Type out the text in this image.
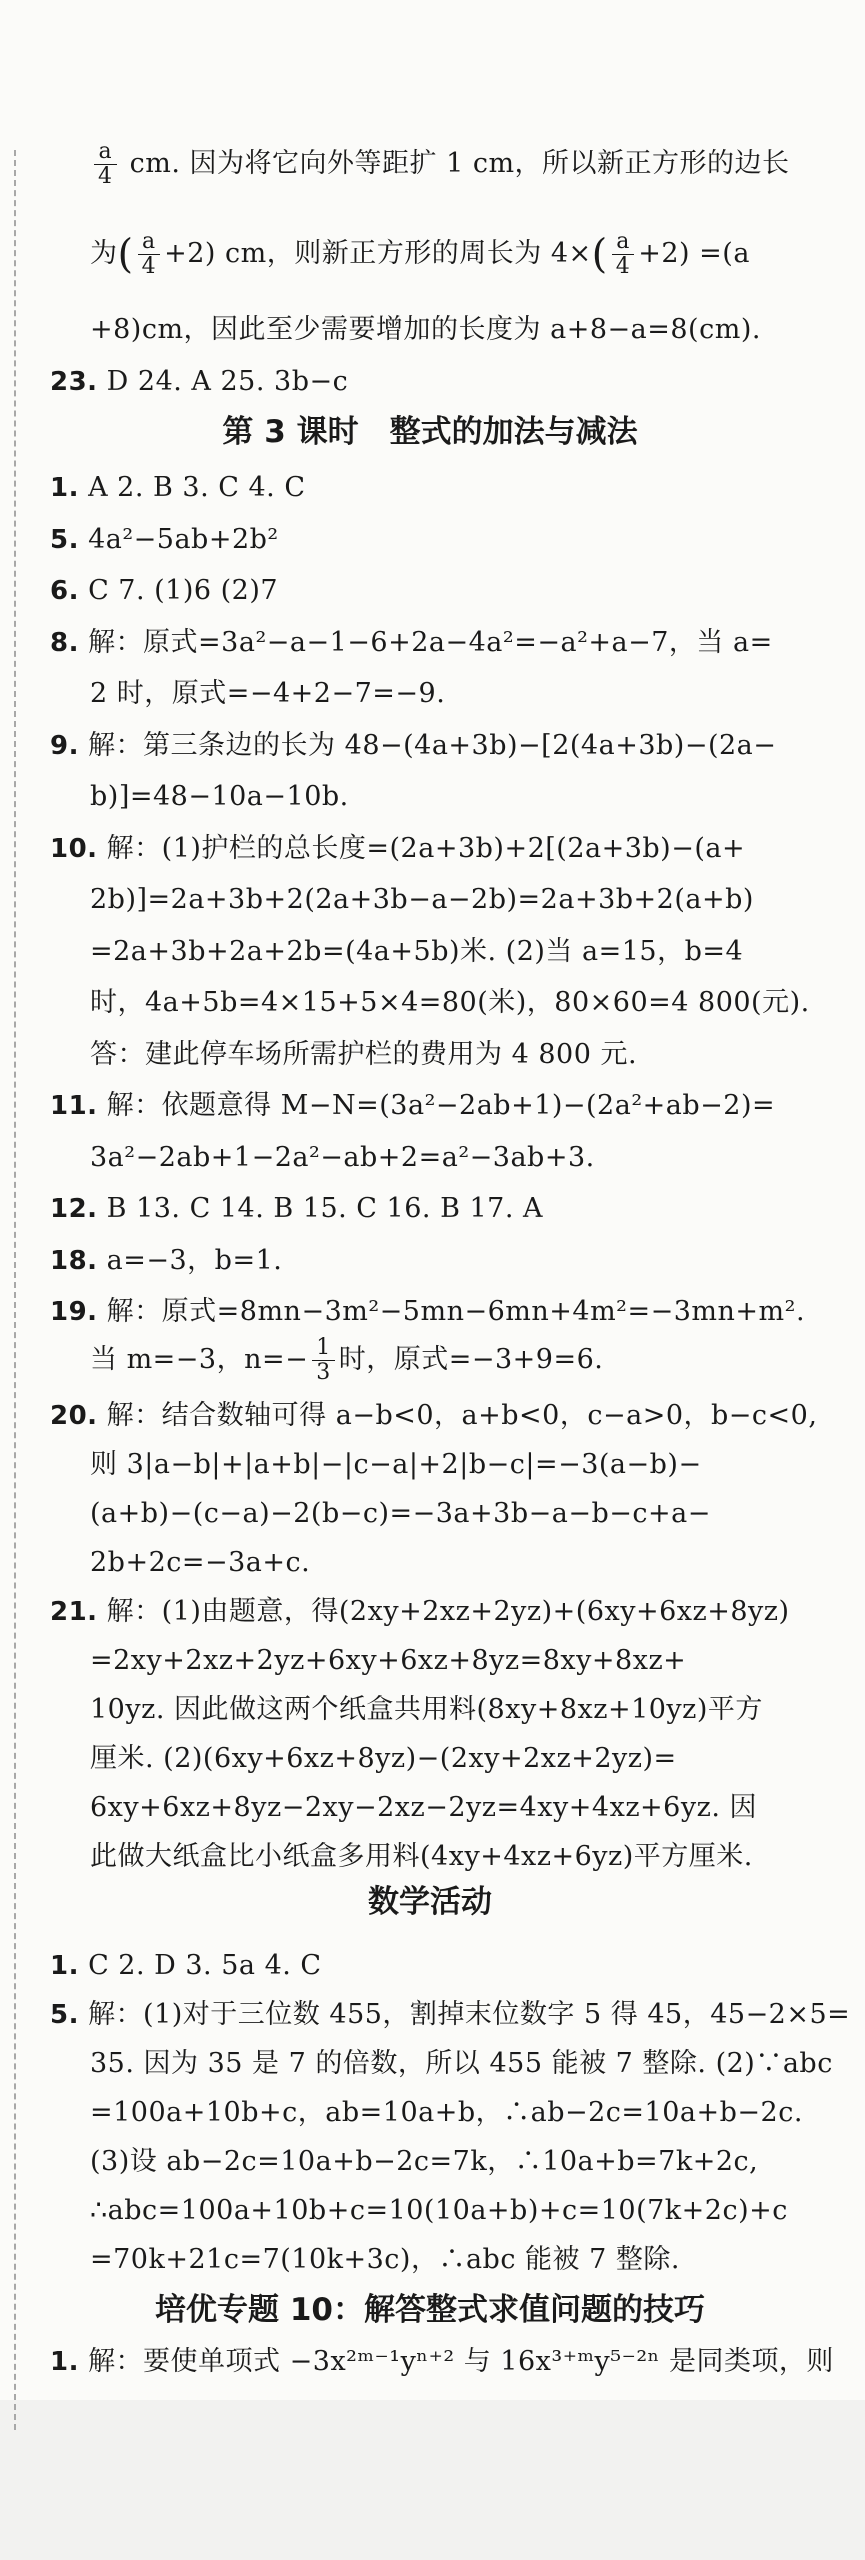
$\frac{a}{4}$ cm. 因为将它向外等距扩 1 cm，所以新正方形的边长
为( $\frac{a}{4} +2$) cm，则新正方形的周长为 $4\times( \frac{a}{4} +2) =(a$
+8)cm，因此至少需要增加的长度为 a+8−a=8(cm).
23. D 24. A 25. 3b−c
第 3 课时　整式的加法与减法
1. A 2. B 3. C 4. C
5. 4a²−5ab+2b²
6. C 7. (1)6 (2)7
8. 解：原式=3a²−a−1−6+2a−4a²=−a²+a−7，当 a=
2 时，原式=−4+2−7=−9.
9. 解：第三条边的长为 48−(4a+3b)−[2(4a+3b)−(2a−
b)]=48−10a−10b.
10. 解：(1)护栏的总长度=(2a+3b)+2[(2a+3b)−(a+
2b)]=2a+3b+2(2a+3b−a−2b)=2a+3b+2(a+b)
=2a+3b+2a+2b=(4a+5b)米. (2)当 a=15，b=4
时，4a+5b=4×15+5×4=80(米)，80×60=4 800(元).
答：建此停车场所需护栏的费用为 4 800 元.
11. 解：依题意得 M−N=(3a²−2ab+1)−(2a²+ab−2)=
3a²−2ab+1−2a²−ab+2=a²−3ab+3.
12. B 13. C 14. B 15. C 16. B 17. A
18. a=−3，b=1.
19. 解：原式=8mn−3m²−5mn−6mn+4m²=−3mn+m².
当 m=−3，$n=- \frac{1}{3}$ 时，原式=−3+9=6.
20. 解：结合数轴可得 a−b<0，a+b<0，c−a>0，b−c<0,
则 3|a−b|+|a+b|−|c−a|+2|b−c|=−3(a−b)−
(a+b)−(c−a)−2(b−c)=−3a+3b−a−b−c+a−
2b+2c=−3a+c.
21. 解：(1)由题意，得(2xy+2xz+2yz)+(6xy+6xz+8yz)
=2xy+2xz+2yz+6xy+6xz+8yz=8xy+8xz+
10yz. 因此做这两个纸盒共用料(8xy+8xz+10yz)平方
厘米. (2)(6xy+6xz+8yz)−(2xy+2xz+2yz)=
6xy+6xz+8yz−2xy−2xz−2yz=4xy+4xz+6yz. 因
此做大纸盒比小纸盒多用料(4xy+4xz+6yz)平方厘米.
数学活动
1. C 2. D 3. 5a 4. C
5. 解：(1)对于三位数 455，割掉末位数字 5 得 45，45−2×5=
35. 因为 35 是 7 的倍数，所以 455 能被 7 整除. (2)∵abc
=100a+10b+c，ab=10a+b，∴ab−2c=10a+b−2c.
(3)设 ab−2c=10a+b−2c=7k，∴10a+b=7k+2c,
∴abc=100a+10b+c=10(10a+b)+c=10(7k+2c)+c
=70k+21c=7(10k+3c)，∴abc 能被 7 整除.
培优专题 10：解答整式求值问题的技巧
1. 解：要使单项式 −3x²ᵐ⁻¹yⁿ⁺² 与 16x³⁺ᵐy⁵⁻²ⁿ 是同类项，则
